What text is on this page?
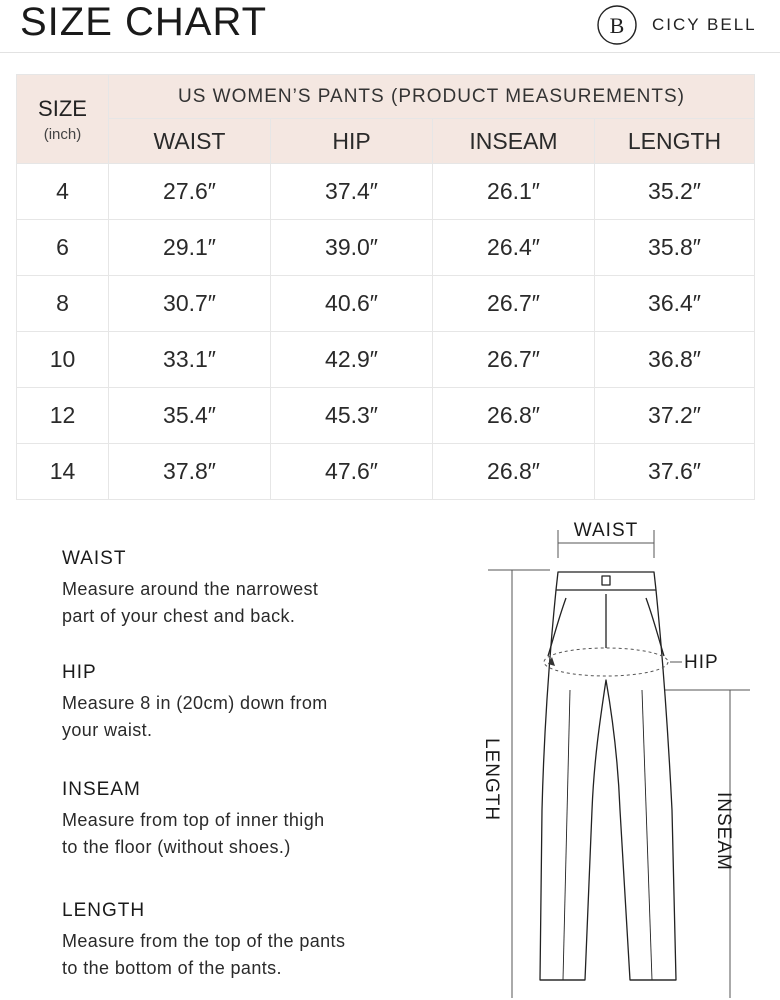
SIZE CHART	B CICY BELL
SIZE
(inch)	US WOMEN’S PANTS (PRODUCT MEASUREMENTS)			
	WAIST	HIP	INSEAM	LENGTH
4	27.6″	37.4″	26.1″	35.2″
6	29.1″	39.0″	26.4″	35.8″
8	30.7″	40.6″	26.7″	36.4″
10	33.1″	42.9″	26.7″	36.8″
12	35.4″	45.3″	26.8″	37.2″
14	37.8″	47.6″	26.8″	37.6″
WAIST
Measure around the narrowest
part of your chest and back.
HIP
Measure 8 in (20cm) down from
your waist.
INSEAM
Measure from top of inner thigh
to the floor (without shoes.)
LENGTH
Measure from the top of the pants
to the bottom of the pants.
WAIST
LENGTH
INSEAM
HIP
